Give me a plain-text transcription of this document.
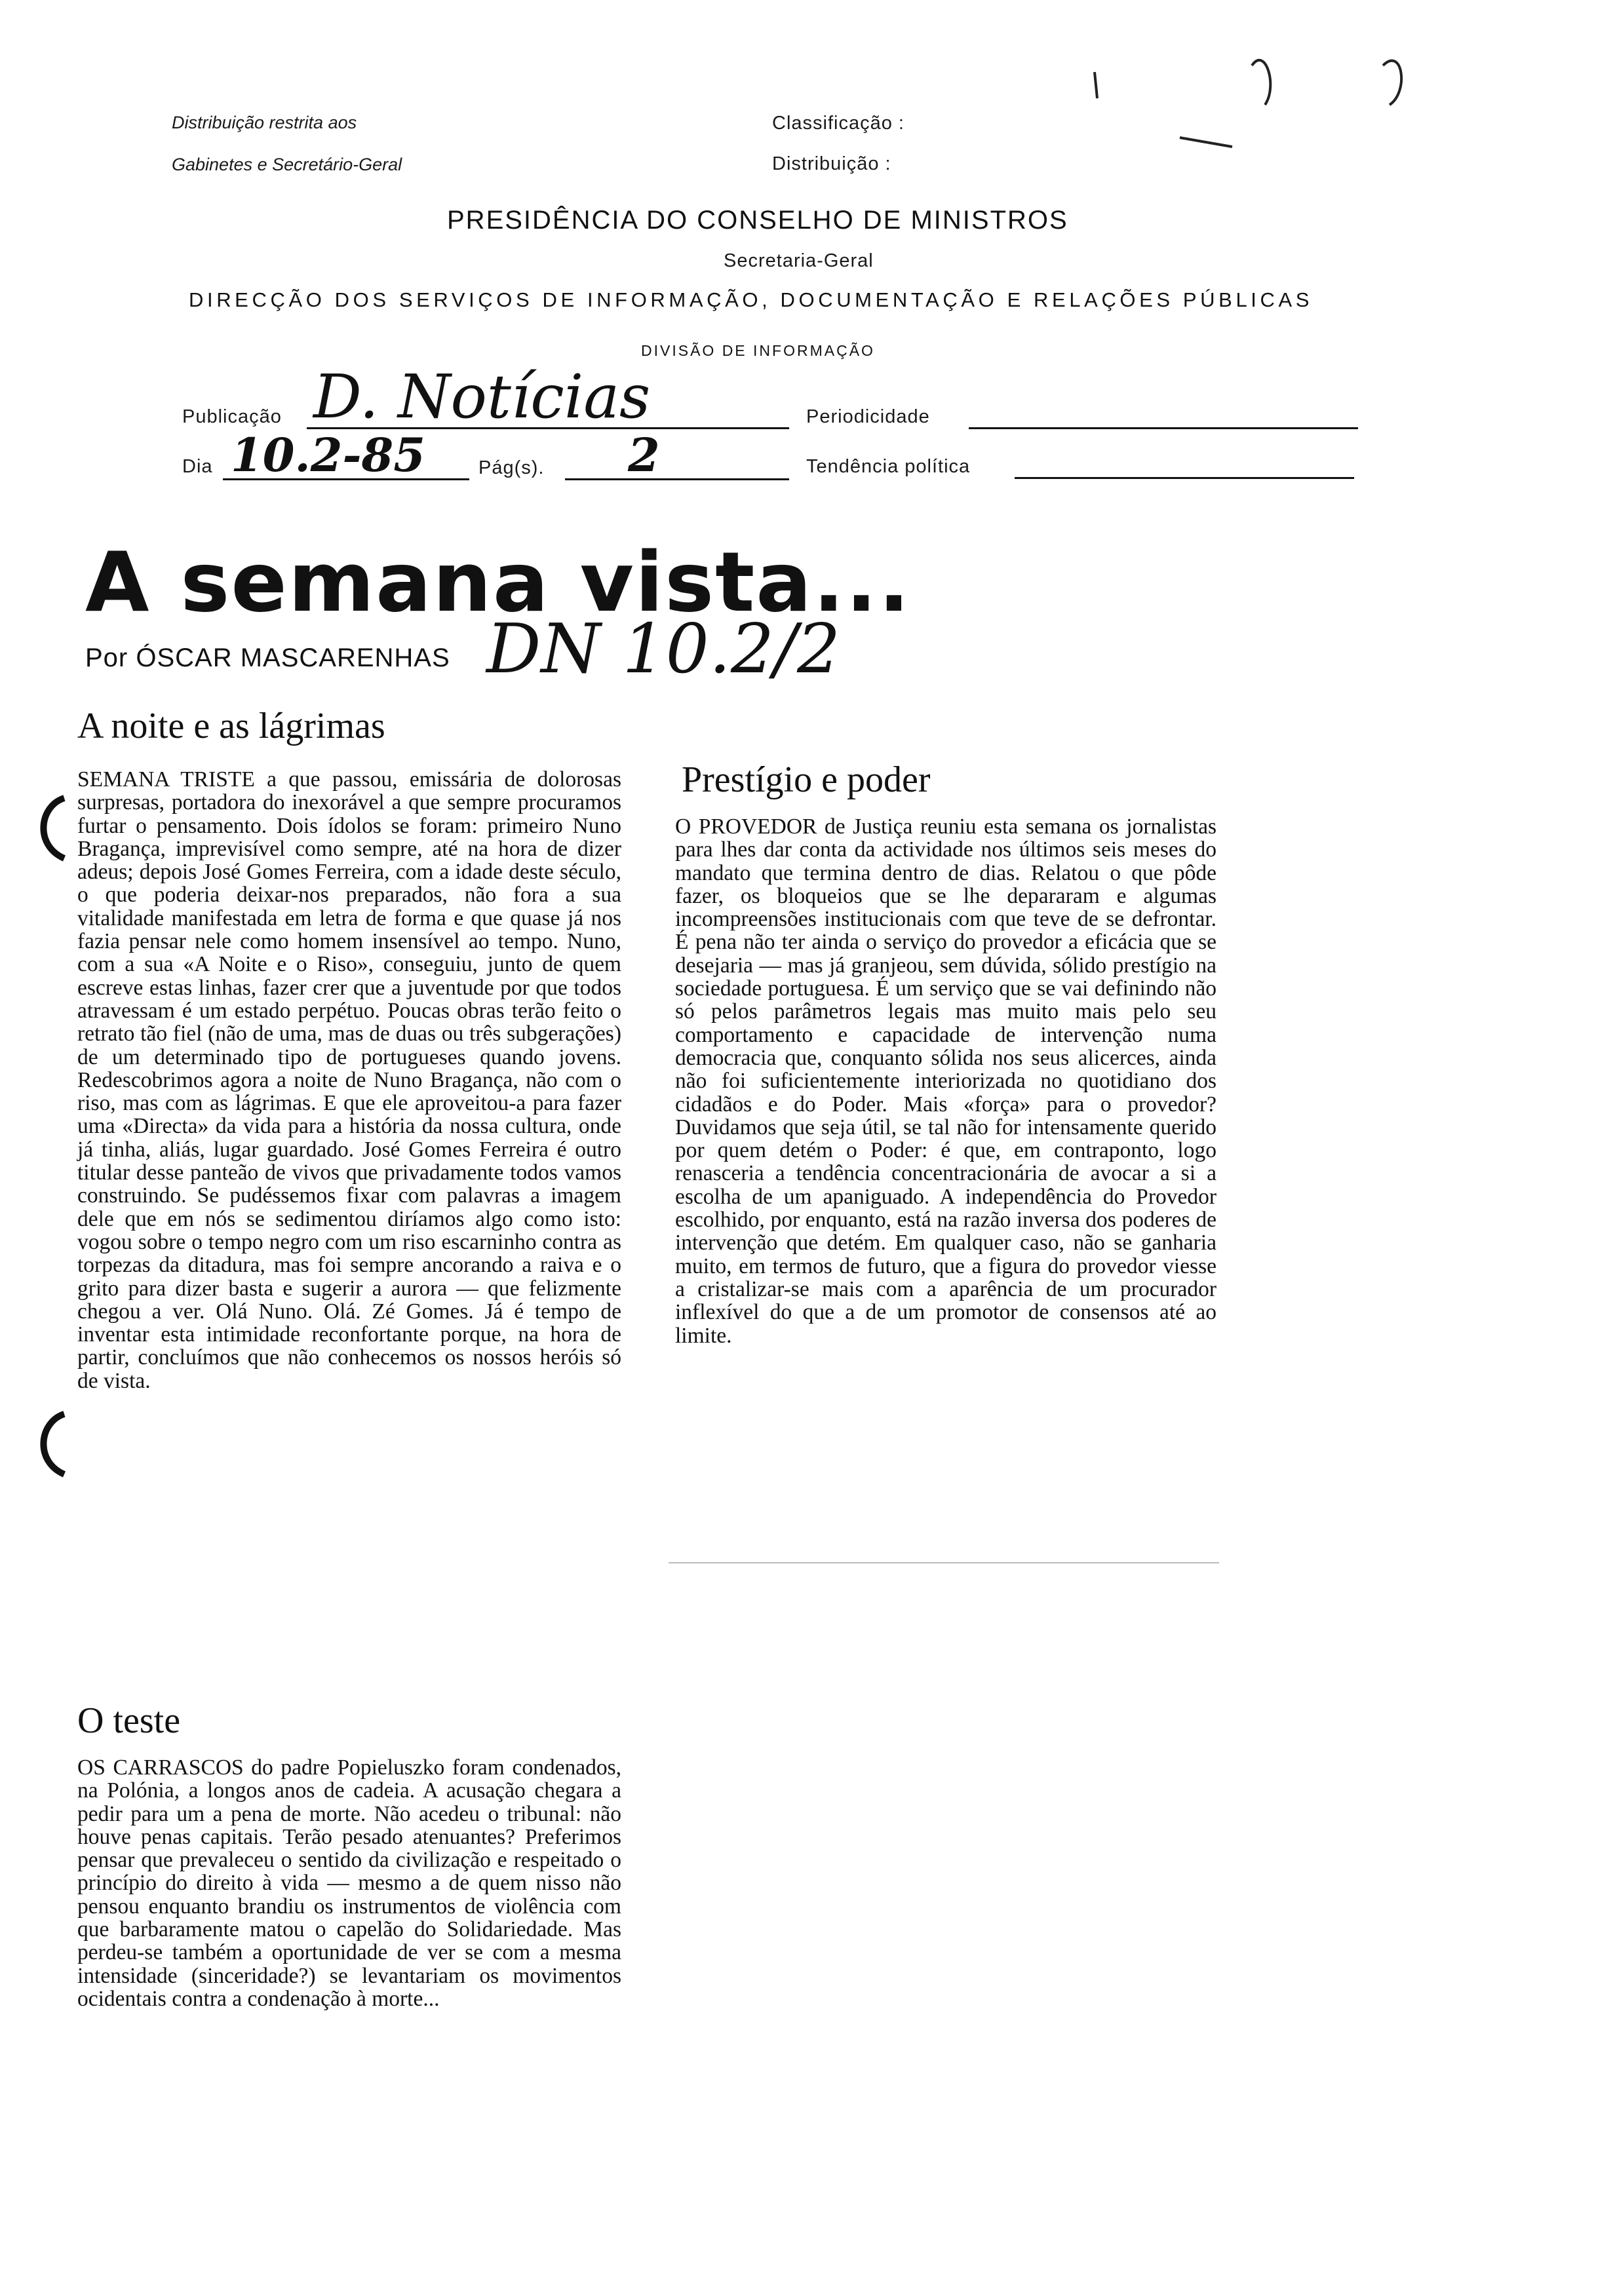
Distribuição restrita aos
Gabinetes e Secretário-Geral
Classificação :
Distribuição :
PRESIDÊNCIA DO CONSELHO DE MINISTROS
Secretaria-Geral
DIRECÇÃO DOS SERVIÇOS DE INFORMAÇÃO, DOCUMENTAÇÃO E RELAÇÕES PÚBLICAS
DIVISÃO DE INFORMAÇÃO
Publicação D. Notícias	Periodicidade
Dia 10.2-85	Pág(s). 2	Tendência política
A semana vista...
Por ÓSCAR MASCARENHAS DN 10.2/2
A noite e as lágrimas

SEMANA TRISTE a que passou, emissária de dolorosas surpresas, portadora do inexorável a que sempre procuramos furtar o pensamento. Dois ídolos se foram: primeiro Nuno Bragança, imprevisível como sempre, até na hora de dizer adeus; depois José Gomes Ferreira, com a idade deste século, o que poderia deixar-nos preparados, não fora a sua vitalidade manifestada em letra de forma e que quase já nos fazia pensar nele como homem insensível ao tempo. Nuno, com a sua «A Noite e o Riso», conseguiu, junto de quem escreve estas linhas, fazer crer que a juventude por que todos atravessam é um estado perpétuo. Poucas obras terão feito o retrato tão fiel (não de uma, mas de duas ou três subgerações) de um determinado tipo de portugueses quando jovens. Redescobrimos agora a noite de Nuno Bragança, não com o riso, mas com as lágrimas. E que ele aproveitou-a para fazer uma «Directa» da vida para a história da nossa cultura, onde já tinha, aliás, lugar guardado. José Gomes Ferreira é outro titular desse panteão de vivos que privadamente todos vamos construindo. Se pudéssemos fixar com palavras a imagem dele que em nós se sedimentou diríamos algo como isto: vogou sobre o tempo negro com um riso escarninho contra as torpezas da ditadura, mas foi sempre ancorando a raiva e o grito para dizer basta e sugerir a aurora — que felizmente chegou a ver. Olá Nuno. Olá. Zé Gomes. Já é tempo de inventar esta intimidade reconfortante porque, na hora de partir, concluímos que não conhecemos os nossos heróis só de vista.

O teste

OS CARRASCOS do padre Popieluszko foram condenados, na Polónia, a longos anos de cadeia. A acusação chegara a pedir para um a pena de morte. Não acedeu o tribunal: não houve penas capitais. Terão pesado atenuantes? Preferimos pensar que prevaleceu o sentido da civilização e respeitado o princípio do direito à vida — mesmo a de quem nisso não pensou enquanto brandiu os instrumentos de violência com que barbaramente matou o capelão do Solidariedade. Mas perdeu-se também a oportunidade de ver se com a mesma intensidade (sinceridade?) se levantariam os movimentos ocidentais contra a condenação à morte...

Prestígio e poder

O PROVEDOR de Justiça reuniu esta semana os jornalistas para lhes dar conta da actividade nos últimos seis meses do mandato que termina dentro de dias. Relatou o que pôde fazer, os bloqueios que se lhe depararam e algumas incompreensões institucionais com que teve de se defrontar. É pena não ter ainda o serviço do provedor a eficácia que se desejaria — mas já granjeou, sem dúvida, sólido prestígio na sociedade portuguesa. É um serviço que se vai definindo não só pelos parâmetros legais mas muito mais pelo seu comportamento e capacidade de intervenção numa democracia que, conquanto sólida nos seus alicerces, ainda não foi suficientemente interiorizada no quotidiano dos cidadãos e do Poder. Mais «força» para o provedor? Duvidamos que seja útil, se tal não for intensamente querido por quem detém o Poder: é que, em contraponto, logo renasceria a tendência concentracionária de avocar a si a escolha de um apaniguado. A independência do Provedor escolhido, por enquanto, está na razão inversa dos poderes de intervenção que detém. Em qualquer caso, não se ganharia muito, em termos de futuro, que a figura do provedor viesse a cristalizar-se mais com a aparência de um procurador inflexível do que a de um promotor de consensos até ao limite.
